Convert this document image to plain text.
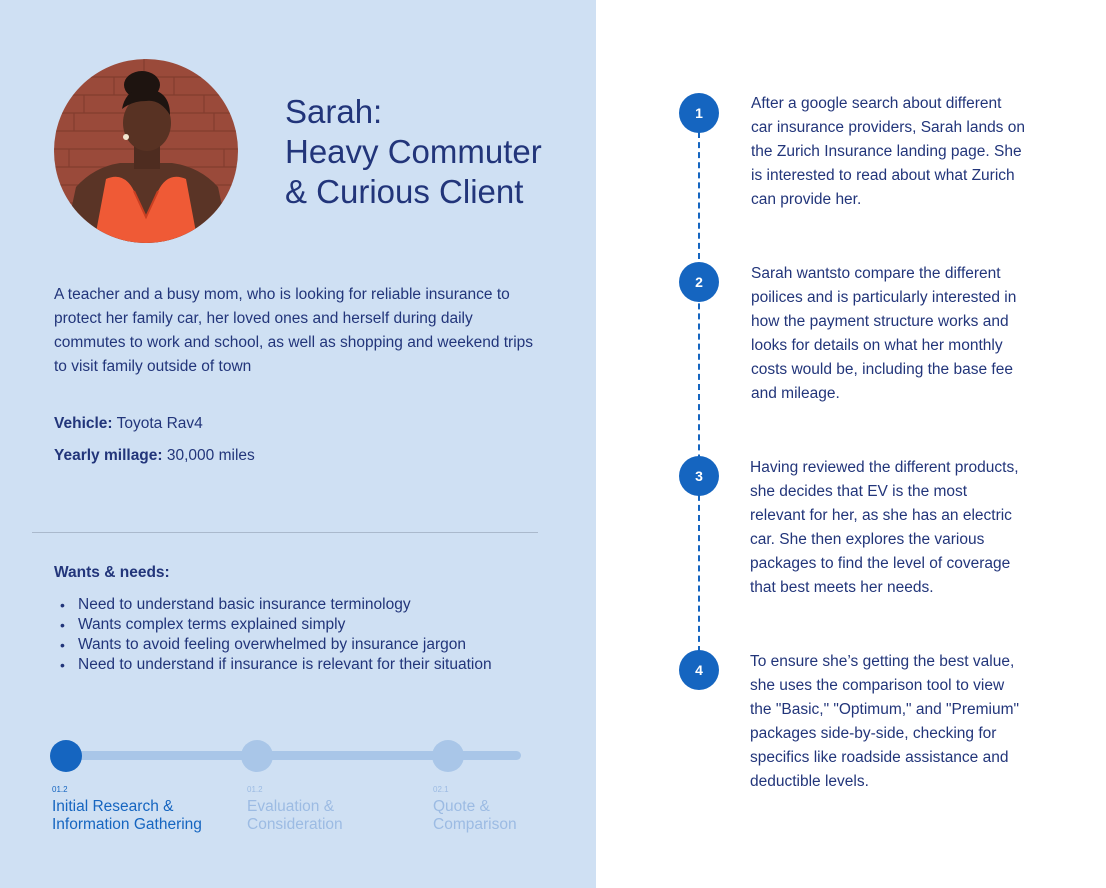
Sarah:
Heavy Commuter
& Curious Client

A teacher and a busy mom, who is looking for reliable insurance to protect her family car, her loved ones and herself during daily commutes to work and school, as well as shopping and weekend trips to visit family outside of town

Vehicle: Toyota Rav4
Yearly millage: 30,000 miles
Wants & needs:
• Need to understand basic insurance terminology
• Wants complex terms explained simply
• Wants to avoid feeling overwhelmed by insurance jargon
• Need to understand if insurance is relevant for their situation
01.2
Initial Research &
Information Gathering
01.2
Evaluation &
Consideration
02.1
Quote &
Comparison
1

After a google search about different car insurance providers, Sarah lands on the Zurich Insurance landing page. She is interested to read about what Zurich can provide her.

2	Sarah wantsto compare the different poilices and is particularly interested in how the payment structure works and looks for details on what her monthly costs would be, including the base fee and mileage.

3	Having reviewed the different products, she decides that EV is the most relevant for her, as she has an electric car. She then explores the various packages to find the level of coverage that best meets her needs.

4	To ensure she’s getting the best value, she uses the comparison tool to view the "Basic," "Optimum," and "Premium" packages side-by-side, checking for specifics like roadside assistance and deductible levels.
